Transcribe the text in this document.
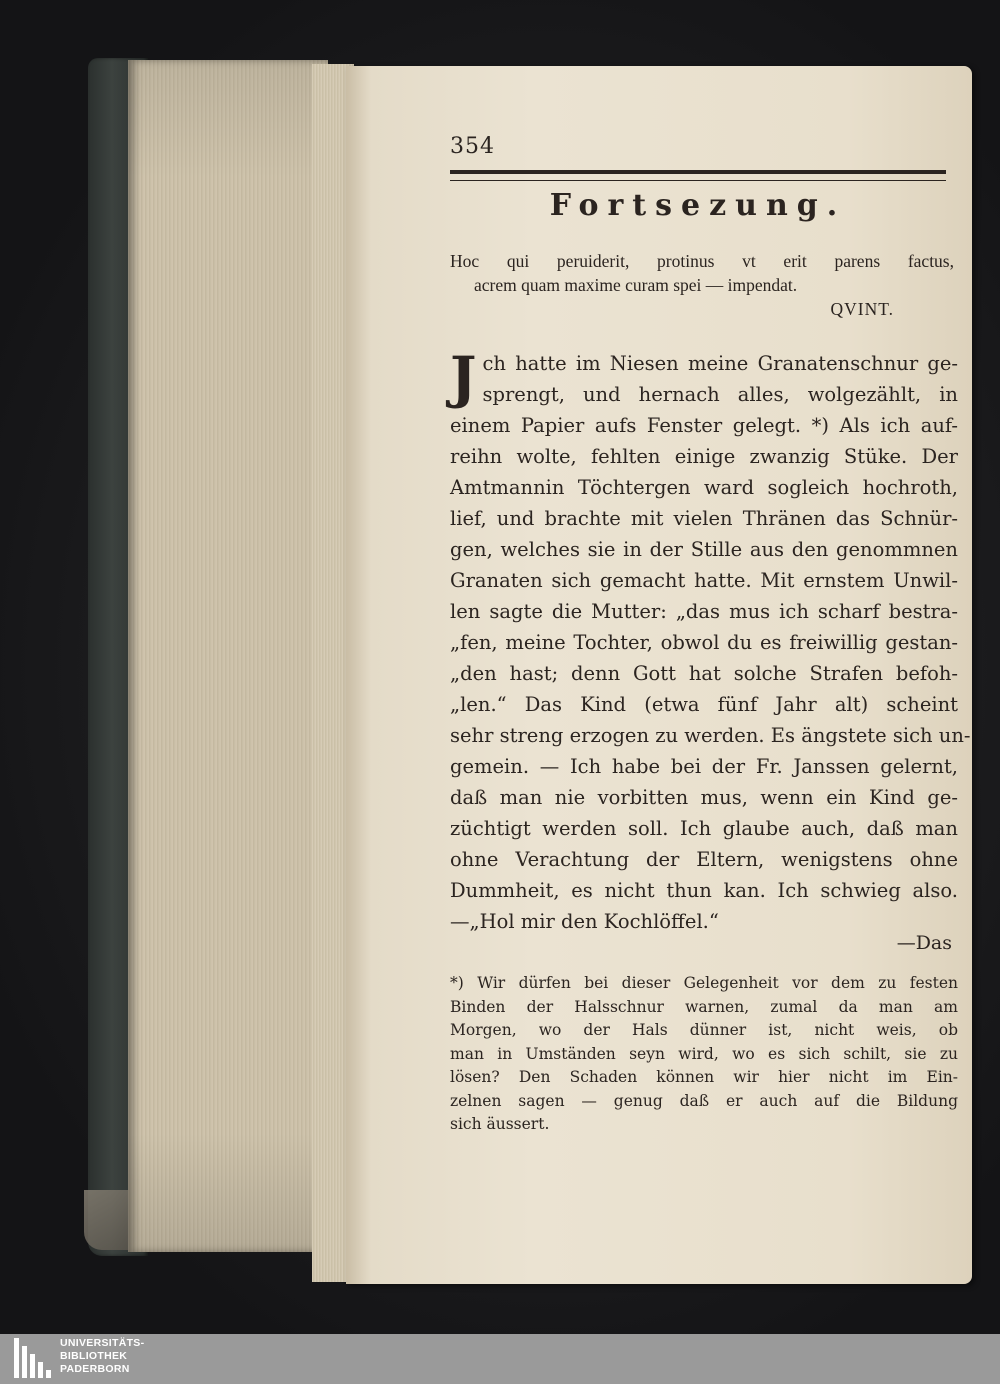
354
Fortsezung.
Hoc qui peruiderit, protinus vt erit parens factus,
acrem quam maxime curam spei — impendat.
QVINT.
J ch hatte im Niesen meine Granatenschnur ge-
sprengt, und hernach alles, wolgezählt, in
einem Papier aufs Fenster gelegt. *) Als ich auf-
reihn wolte, fehlten einige zwanzig Stüke. Der
Amtmannin Töchtergen ward sogleich hochroth,
lief, und brachte mit vielen Thränen das Schnür-
gen, welches sie in der Stille aus den genommnen
Granaten sich gemacht hatte. Mit ernstem Unwil-
len sagte die Mutter: „das mus ich scharf bestra-
„fen, meine Tochter, obwol du es freiwillig gestan-
„den hast; denn Gott hat solche Strafen befoh-
„len.“ Das Kind (etwa fünf Jahr alt) scheint
sehr streng erzogen zu werden. Es ängstete sich un-
gemein. — Ich habe bei der Fr. Janssen gelernt,
daß man nie vorbitten mus, wenn ein Kind ge-
züchtigt werden soll. Ich glaube auch, daß man
ohne Verachtung der Eltern, wenigstens ohne
Dummheit, es nicht thun kan. Ich schwieg also.
—„Hol mir den Kochlöffel.“
—Das
*) Wir dürfen bei dieser Gelegenheit vor dem zu festen
Binden der Halsschnur warnen, zumal da man am
Morgen, wo der Hals dünner ist, nicht weis, ob
man in Umständen seyn wird, wo es sich schilt, sie zu
lösen? Den Schaden können wir hier nicht im Ein-
zelnen sagen — genug daß er auch auf die Bildung
sich äussert.
UNIVERSITÄTS-
BIBLIOTHEK
PADERBORN
